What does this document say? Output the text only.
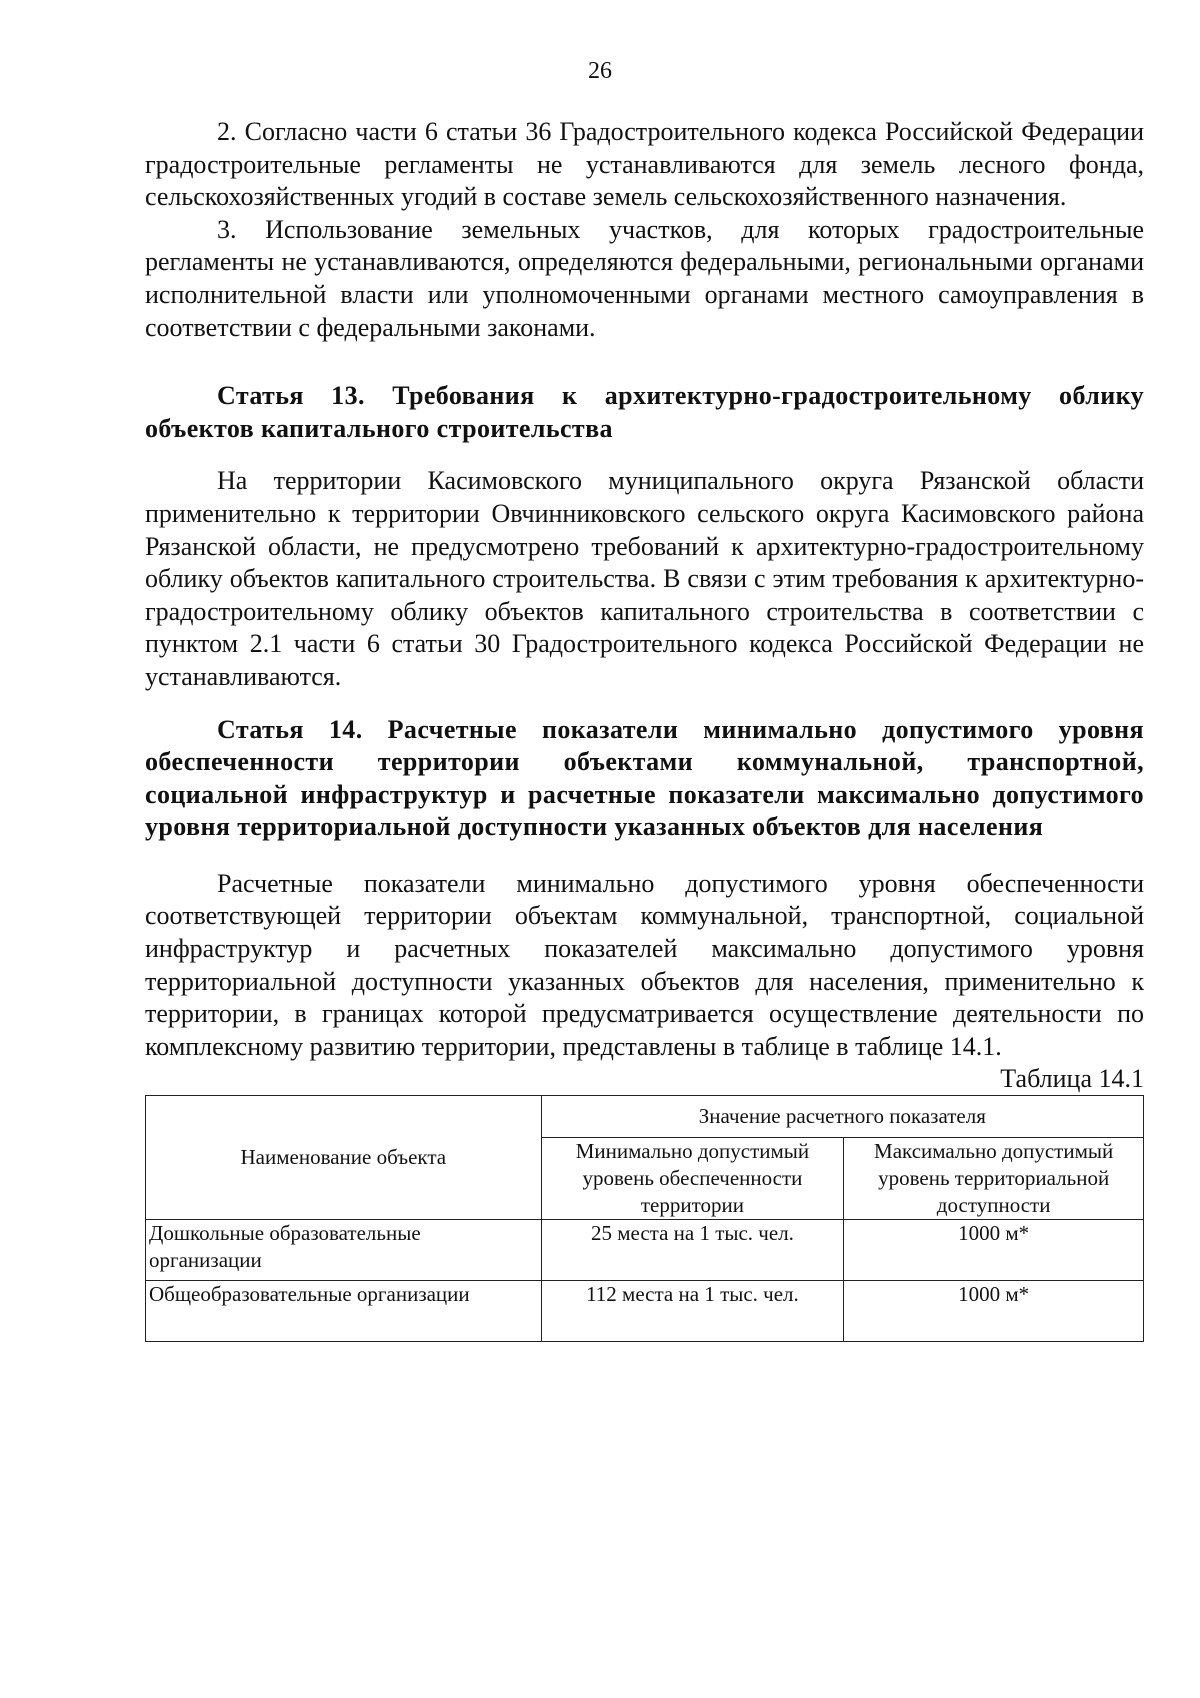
26

2. Согласно части 6 статьи 36 Градостроительного кодекса Российской Федерации градостроительные регламенты не устанавливаются для земель лесного фонда, сельскохозяйственных угодий в составе земель сельскохозяйственного назначения.

3. Использование земельных участков, для которых градостроительные регламенты не устанавливаются, определяются федеральными, региональными органами исполнительной власти или уполномоченными органами местного самоуправления в соответствии с федеральными законами.

Статья 13. Требования к архитектурно-градостроительному облику объектов капитального строительства

На территории Касимовского муниципального округа Рязанской области применительно к территории Овчинниковского сельского округа Касимовского района Рязанской области, не предусмотрено требований к архитектурно-градостроительному облику объектов капитального строительства. В связи с этим требования к архитектурно-градостроительному облику объектов капитального строительства в соответствии с пунктом 2.1 части 6 статьи 30 Градостроительного кодекса Российской Федерации не устанавливаются.

Статья 14. Расчетные показатели минимально допустимого уровня обеспеченности территории объектами коммунальной, транспортной, социальной инфраструктур и расчетные показатели максимально допустимого уровня территориальной доступности указанных объектов для населения

Расчетные показатели минимально допустимого уровня обеспеченности соответствующей территории объектам коммунальной, транспортной, социальной инфраструктур и расчетных показателей максимально допустимого уровня территориальной доступности указанных объектов для населения, применительно к территории, в границах которой предусматривается осуществление деятельности по комплексному развитию территории, представлены в таблице в таблице 14.1.

Таблица 14.1
Наименование объекта	Значение расчетного показателя	
	Минимально допустимый уровень обеспеченности территории	Максимально допустимый уровень территориальной доступности
Дошкольные образовательные организации	25 места на 1 тыс. чел.	1000 м*
Общеобразовательные организации	112 места на 1 тыс. чел.	1000 м*
